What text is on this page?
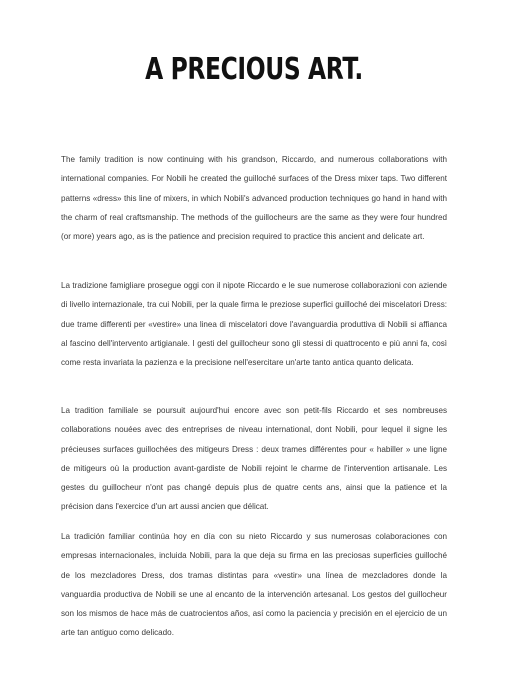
A PRECIOUS ART.

The family tradition is now continuing with his grandson, Riccardo, and numerous collaborations with international companies. For Nobili he created the guilloché surfaces of the Dress mixer taps. Two different patterns «dress» this line of mixers, in which Nobili's advanced production techniques go hand in hand with the charm of real craftsmanship. The methods of the guillocheurs are the same as they were four hundred (or more) years ago, as is the patience and precision required to practice this ancient and delicate art.

La tradizione famigliare prosegue oggi con il nipote Riccardo e le sue numerose collaborazioni con aziende di livello internazionale, tra cui Nobili, per la quale firma le preziose superfici guilloché dei miscelatori Dress: due trame differenti per «vestire» una linea di miscelatori dove l'avanguardia produttiva di Nobili si affianca al fascino dell'intervento artigianale. I gesti del guillocheur sono gli stessi di quattrocento e più anni fa, così come resta invariata la pazienza e la precisione nell'esercitare un'arte tanto antica quanto delicata.

La tradition familiale se poursuit aujourd'hui encore avec son petit-fils Riccardo et ses nombreuses collaborations nouées avec des entreprises de niveau international, dont Nobili, pour lequel il signe les précieuses surfaces guillochées des mitigeurs Dress : deux trames différentes pour « habiller » une ligne de mitigeurs où la production avant-gardiste de Nobili rejoint le charme de l'intervention artisanale. Les gestes du guillocheur n'ont pas changé depuis plus de quatre cents ans, ainsi que la patience et la précision dans l'exercice d'un art aussi ancien que délicat.

La tradición familiar continúa hoy en día con su nieto Riccardo y sus numerosas colaboraciones con empresas internacionales, incluida Nobili, para la que deja su firma en las preciosas superficies guilloché de los mezcladores Dress, dos tramas distintas para «vestir» una línea de mezcladores donde la vanguardia productiva de Nobili se une al encanto de la intervención artesanal. Los gestos del guillocheur son los mismos de hace más de cuatrocientos años, así como la paciencia y precisión en el ejercicio de un arte tan antiguo como delicado.
